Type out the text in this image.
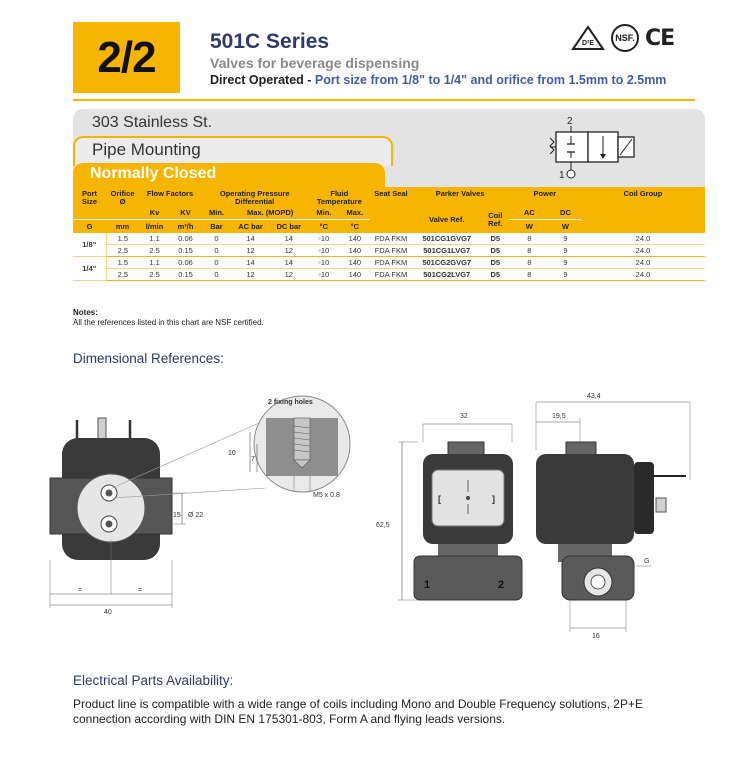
2/2	501C Series
Valves for beverage dispensing
Direct Operated - Port size from 1/8" to 1/4" and orifice from 1.5mm to 2.5mm
D²E
NSF. CE
303 Stainless St.
Pipe Mounting
Normally Closed
2
1
Port Size	Orifice Ø	Flow Factors		Operating Pressure Differential			Fluid Temperature		Seat Seal	Parker Valves		Power		Coil Group
		Kv	KV	Min.	Max. (MOPD)		Min.	Max.		Valve Ref.	Coil Ref.	AC	DC	
G	mm	l/min	m³/h	Bar	AC bar	DC bar	°C	°C				W	W	
1/8"	1.5	1.1	0.06	0	14	14	-10	140	FDA FKM	501CG1GVG7	D5	8	9	24.0
	2.5	2.5	0.15	0	12	12	-10	140	FDA FKM	501CG1LVG7	D5	8	9	24.0
1/4"	1.5	1.1	0.06	0	14	14	-10	140	FDA FKM	501CG2GVG7	D5	8	9	24.0
	2.5	2.5	0.15	0	12	12	-10	140	FDA FKM	501CG2LVG7	D5	8	9	24.0
Notes:
All the references listed in this chart are NSF certified.
Dimensional References:
=	=
40
15 Ø 22
2 fixing holes
10
7
M5 x 0.8
32
[	]
1	2
62,5
43,4
19,5
G
16
Electrical Parts Availability:
Product line is compatible with a wide range of coils including Mono and Double Frequency solutions, 2P+E connection according with DIN EN 175301-803, Form A and flying leads versions.
